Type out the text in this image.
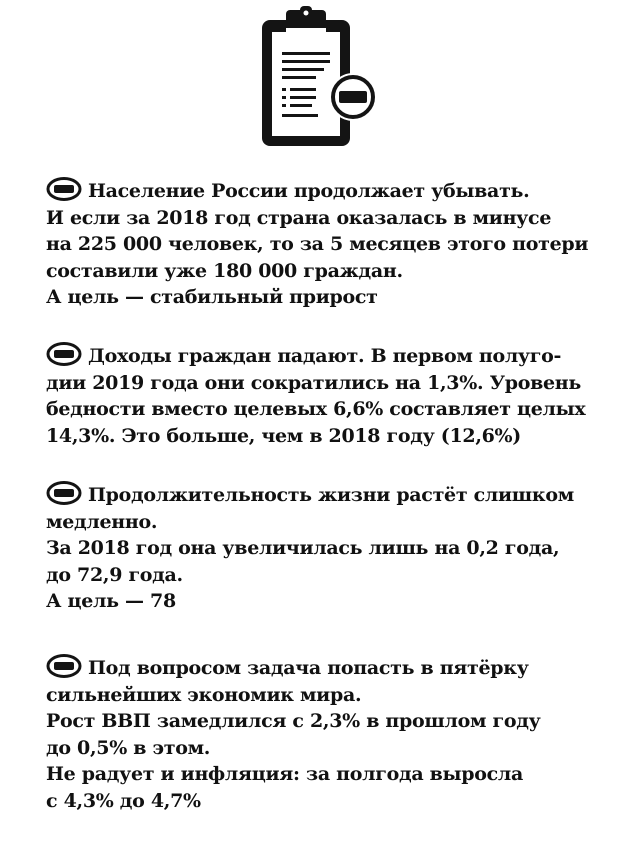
Население России продолжает убывать.

И если за 2018 год страна оказалась в минусе

на 225 000 человек, то за 5 месяцев этого потери

составили уже 180 000 граждан.

А цель — стабильный прирост

Доходы граждан падают. В первом полуго-

дии 2019 года они сократились на 1,3%. Уровень

бедности вместо целевых 6,6% составляет целых

14,3%. Это больше, чем в 2018 году (12,6%)

Продолжительность жизни растёт слишком

медленно.

За 2018 год она увеличилась лишь на 0,2 года,

до 72,9 года.

А цель — 78

Под вопросом задача попасть в пятёрку

сильнейших экономик мира.

Рост ВВП замедлился с 2,3% в прошлом году

до 0,5% в этом.

Не радует и инфляция: за полгода выросла

с 4,3% до 4,7%
